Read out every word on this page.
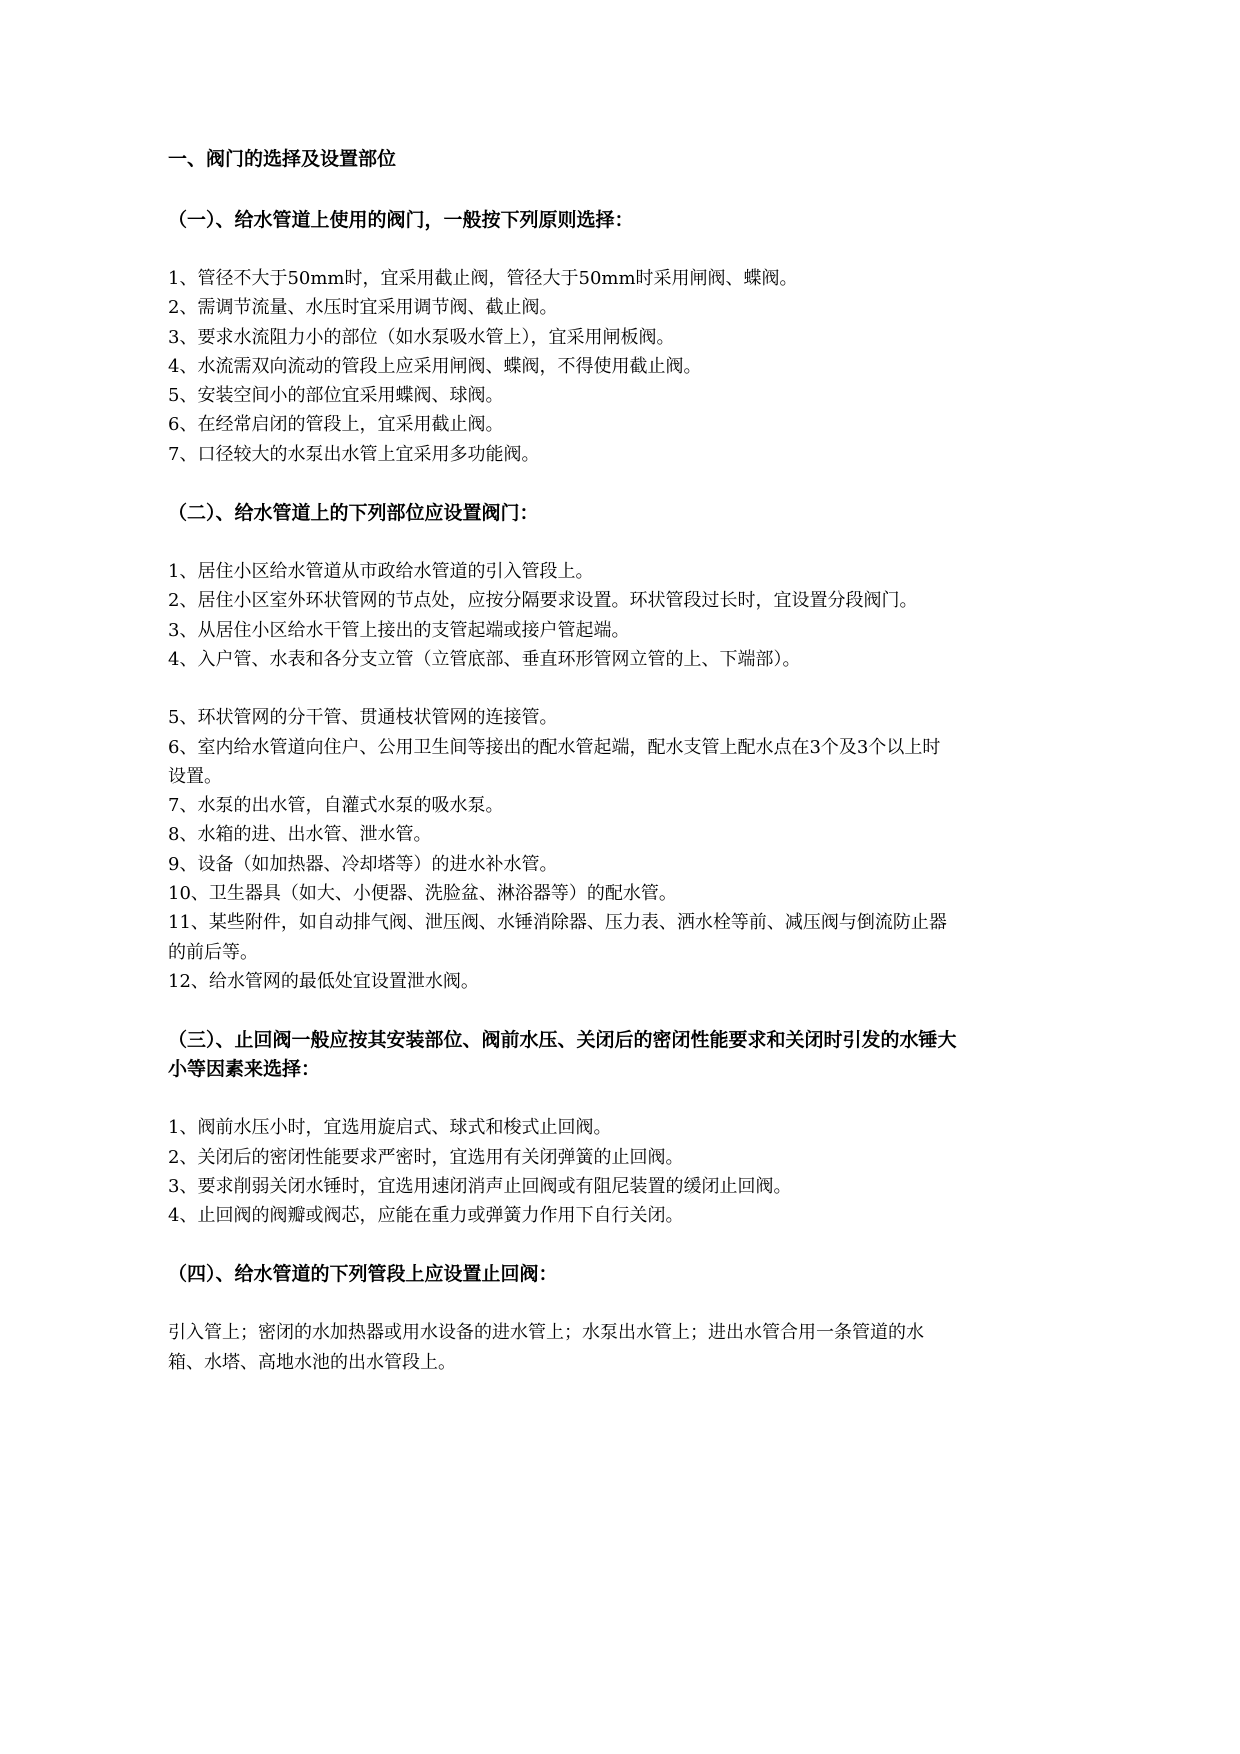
一、阀门的选择及设置部位
（一）、给水管道上使用的阀门，一般按下列原则选择：

1、管径不大于50mm时，宜采用截止阀，管径大于50mm时采用闸阀、蝶阀。

2、需调节流量、水压时宜采用调节阀、截止阀。

3、要求水流阻力小的部位（如水泵吸水管上），宜采用闸板阀。

4、水流需双向流动的管段上应采用闸阀、蝶阀，不得使用截止阀。

5、安装空间小的部位宜采用蝶阀、球阀。

6、在经常启闭的管段上，宜采用截止阀。

7、口径较大的水泵出水管上宜采用多功能阀。

（二）、给水管道上的下列部位应设置阀门：

1、居住小区给水管道从市政给水管道的引入管段上。

2、居住小区室外环状管网的节点处，应按分隔要求设置。环状管段过长时，宜设置分段阀门。

3、从居住小区给水干管上接出的支管起端或接户管起端。

4、入户管、水表和各分支立管（立管底部、垂直环形管网立管的上、下端部）。

5、环状管网的分干管、贯通枝状管网的连接管。

6、室内给水管道向住户、公用卫生间等接出的配水管起端，配水支管上配水点在3个及3个以上时设置。

7、水泵的出水管，自灌式水泵的吸水泵。

8、水箱的进、出水管、泄水管。

9、设备（如加热器、冷却塔等）的进水补水管。

10、卫生器具（如大、小便器、洗脸盆、淋浴器等）的配水管。

11、某些附件，如自动排气阀、泄压阀、水锤消除器、压力表、洒水栓等前、减压阀与倒流防止器的前后等。

12、给水管网的最低处宜设置泄水阀。

（三）、止回阀一般应按其安装部位、阀前水压、关闭后的密闭性能要求和关闭时引发的水锤大小等因素来选择：

1、阀前水压小时，宜选用旋启式、球式和梭式止回阀。

2、关闭后的密闭性能要求严密时，宜选用有关闭弹簧的止回阀。

3、要求削弱关闭水锤时，宜选用速闭消声止回阀或有阻尼装置的缓闭止回阀。

4、止回阀的阀瓣或阀芯，应能在重力或弹簧力作用下自行关闭。

（四）、给水管道的下列管段上应设置止回阀：

引入管上；密闭的水加热器或用水设备的进水管上；水泵出水管上；进出水管合用一条管道的水箱、水塔、高地水池的出水管段上。
